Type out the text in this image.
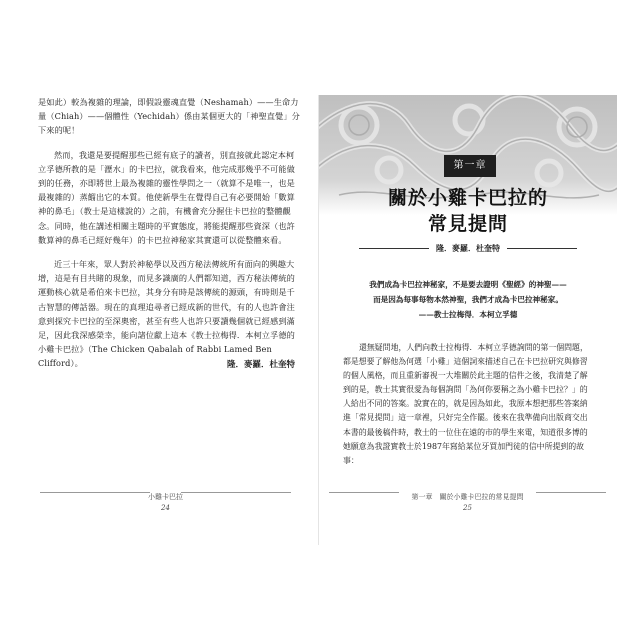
是如此）較為複雜的理論，即假設靈魂直覺（Neshamah）——生命力量（Chiah）——個體性（Yechidah）係由某個更大的「神聖直覺」分下來的呢！

然而，我還是要提醒那些已經有底子的讀者，別直接就此認定本柯立孚德所教的是「瀝水」的卡巴拉，就我看來，他完成那幾乎不可能做到的任務，亦即將世上最為複雜的靈性學問之一（就算不是唯一，也是最複雜的）蒸餾出它的本質。他使新學生在覺得自己有必要開始「數算神的鼻毛」（教士是這樣說的）之前，有機會充分握住卡巴拉的整體觀念。同時，他在講述相關主題時的平實態度，將能提醒那些資深（也許數算神的鼻毛已經好幾年）的卡巴拉神秘家其實還可以從整體來看。

近三十年來，眾人對於神秘學以及西方秘法傳統所有面向的興趣大增，這是有目共睹的現象，而見多識廣的人們都知道，西方秘法傳統的運動核心就是希伯來卡巴拉，其身分有時是該傳統的源頭，有時則是千古智慧的傳話器。現在的真理追尋者已經成新的世代，有的人也許會注意到探究卡巴拉的至深奧密，甚至有些人也許只要讀幾個就已經感到滿足，因此我深感榮幸，能向諸位獻上這本《教士拉梅得．本柯立孚德的小雞卡巴拉》（The Chicken Qabalah of Rabbi Lamed Ben Clifford）。	隆．麥羅．杜奎特
小雞卡巴拉
24
第一章
關於小雞卡巴拉的
常見提問
隆．麥羅．杜奎特
我們成為卡巴拉神秘家，不是要去證明《聖經》的神聖——
而是因為每事每物本然神聖，我們才成為卡巴拉神秘家。
——教士拉梅得．本柯立孚德

還無疑問地，人們向教士拉梅得．本柯立孚德詢問的第一個問題，都是想要了解他為何選「小雞」這個詞來描述自己在卡巴拉研究與修習的個人風格，而且重新審視一大堆關於此主題的信件之後，我清楚了解到的是，教士其實很愛為每個詢問「為何你要稱之為小雞卡巴拉？」的人給出不同的答案。說實在的，就是因為如此，我原本想把那些答案納進「常見提問」這一章裡，只好完全作罷。後來在我準備向出版商交出本書的最後稿件時，教士的一位住在遠的市的學生來電，知道很多博的她願意為我證實教士於1987年寫給某位牙買加門徒的信中所提到的故事：

第一章　關於小雞卡巴拉的常見提問
25
